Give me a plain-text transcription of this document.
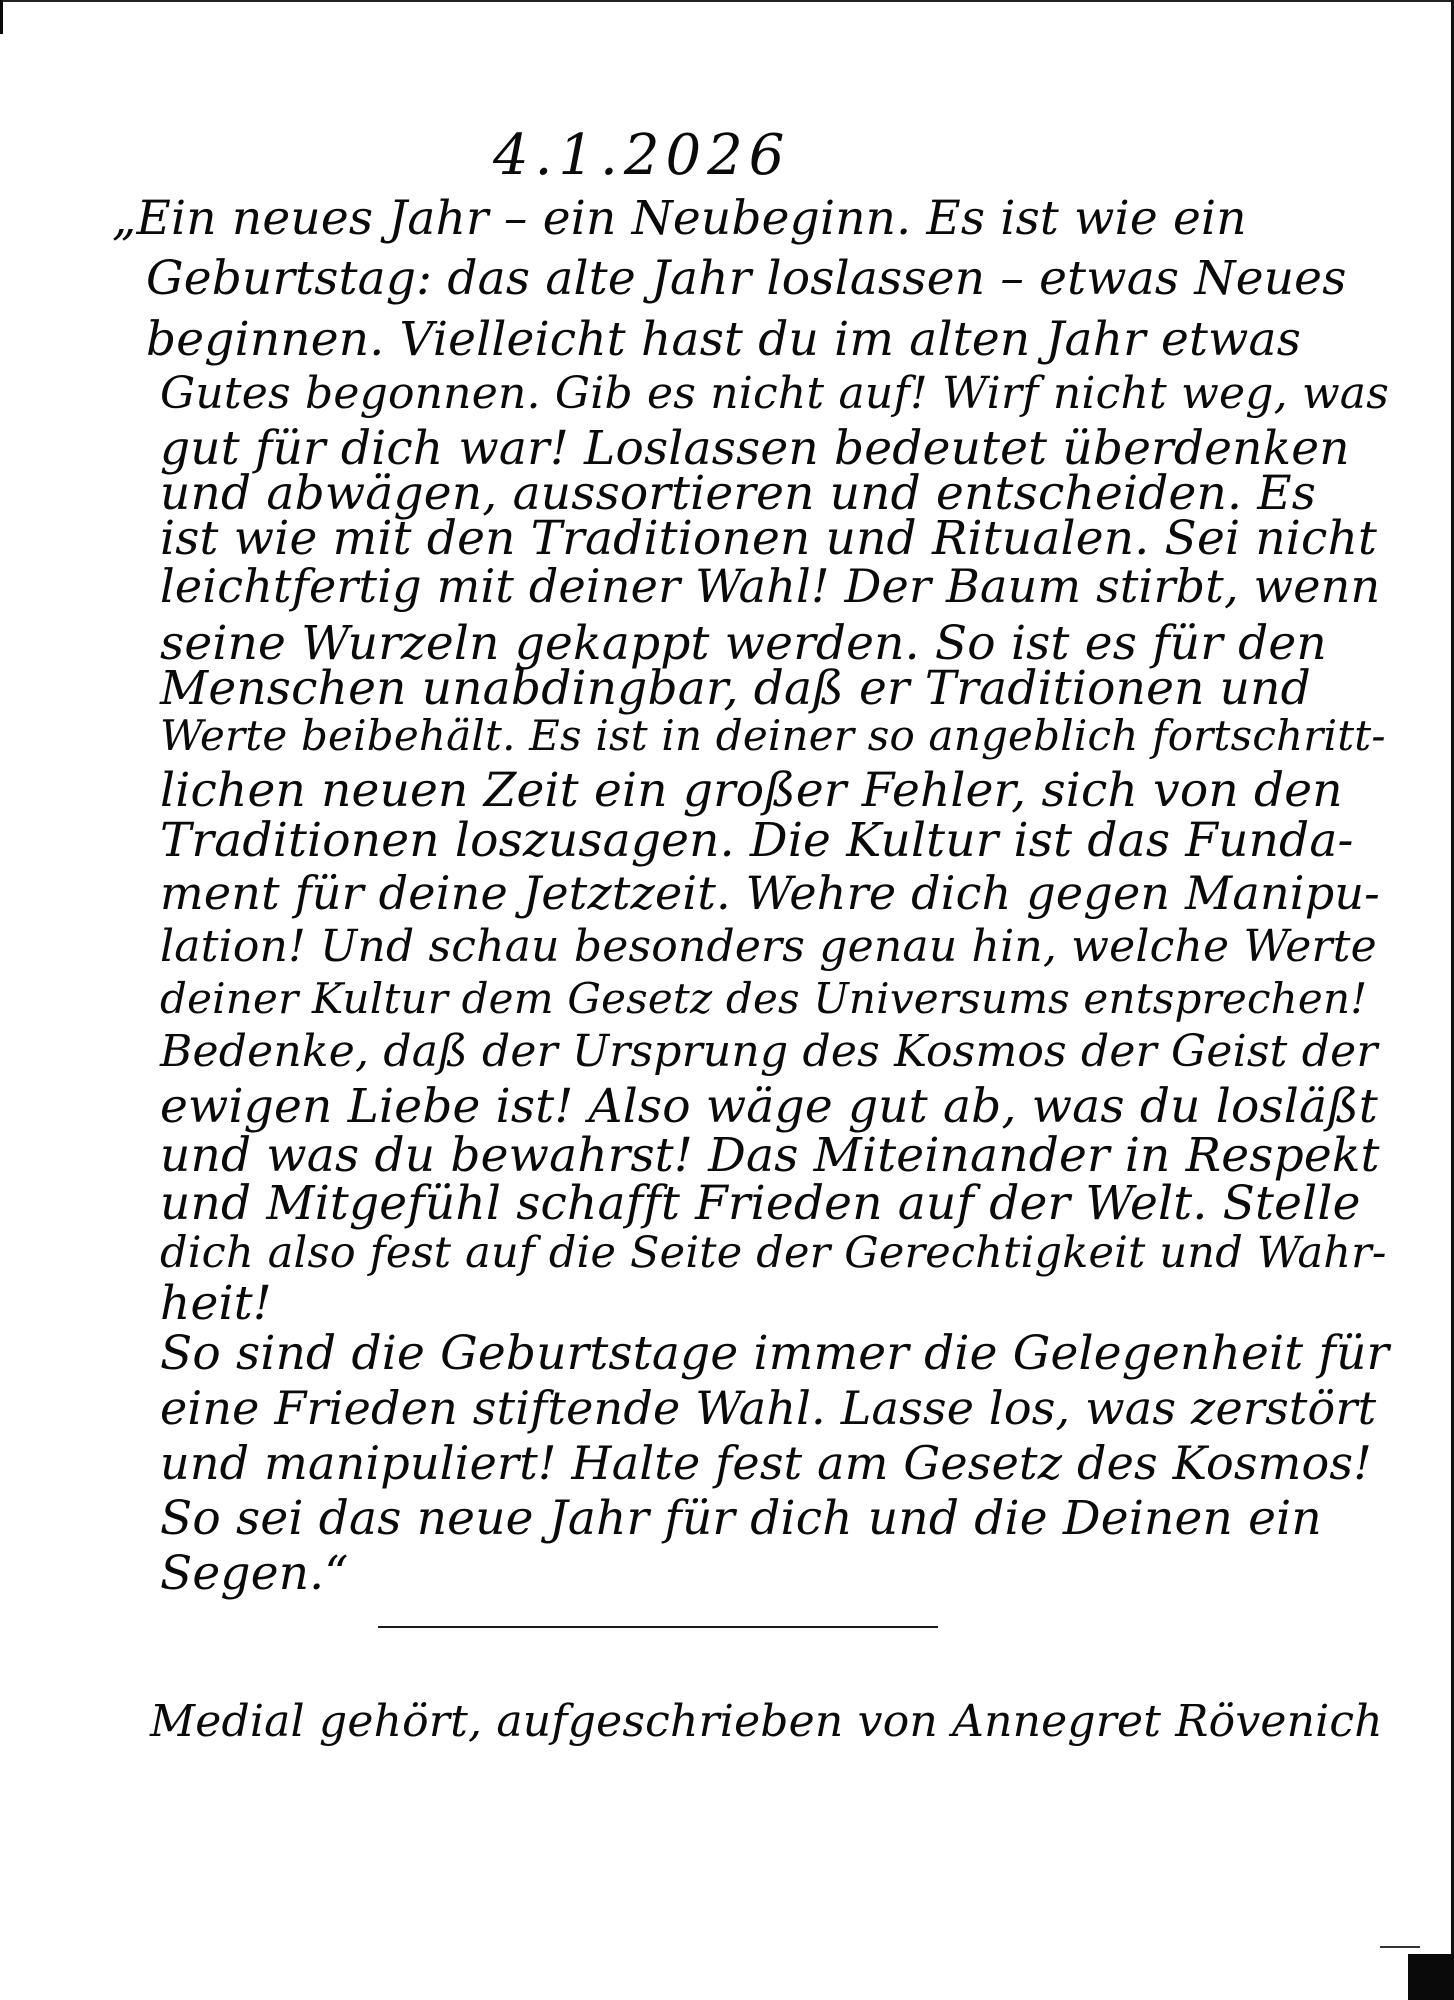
4.1.2026
„Ein neues Jahr – ein Neubeginn. Es ist wie ein
Geburtstag: das alte Jahr loslassen – etwas Neues
beginnen. Vielleicht hast du im alten Jahr etwas
Gutes begonnen. Gib es nicht auf! Wirf nicht weg, was
gut für dich war! Loslassen bedeutet überdenken
und abwägen, aussortieren und entscheiden. Es
ist wie mit den Traditionen und Ritualen. Sei nicht
leichtfertig mit deiner Wahl! Der Baum stirbt, wenn
seine Wurzeln gekappt werden. So ist es für den
Menschen unabdingbar, daß er Traditionen und
Werte beibehält. Es ist in deiner so angeblich fortschritt-
lichen neuen Zeit ein großer Fehler, sich von den
Traditionen loszusagen. Die Kultur ist das Funda-
ment für deine Jetztzeit. Wehre dich gegen Manipu-
lation! Und schau besonders genau hin, welche Werte
deiner Kultur dem Gesetz des Universums entsprechen!
Bedenke, daß der Ursprung des Kosmos der Geist der
ewigen Liebe ist! Also wäge gut ab, was du losläßt
und was du bewahrst! Das Miteinander in Respekt
und Mitgefühl schafft Frieden auf der Welt. Stelle
dich also fest auf die Seite der Gerechtigkeit und Wahr-
heit!
So sind die Geburtstage immer die Gelegenheit für
eine Frieden stiftende Wahl. Lasse los, was zerstört
und manipuliert! Halte fest am Gesetz des Kosmos!
So sei das neue Jahr für dich und die Deinen ein
Segen.“
Medial gehört, aufgeschrieben von Annegret Rövenich
